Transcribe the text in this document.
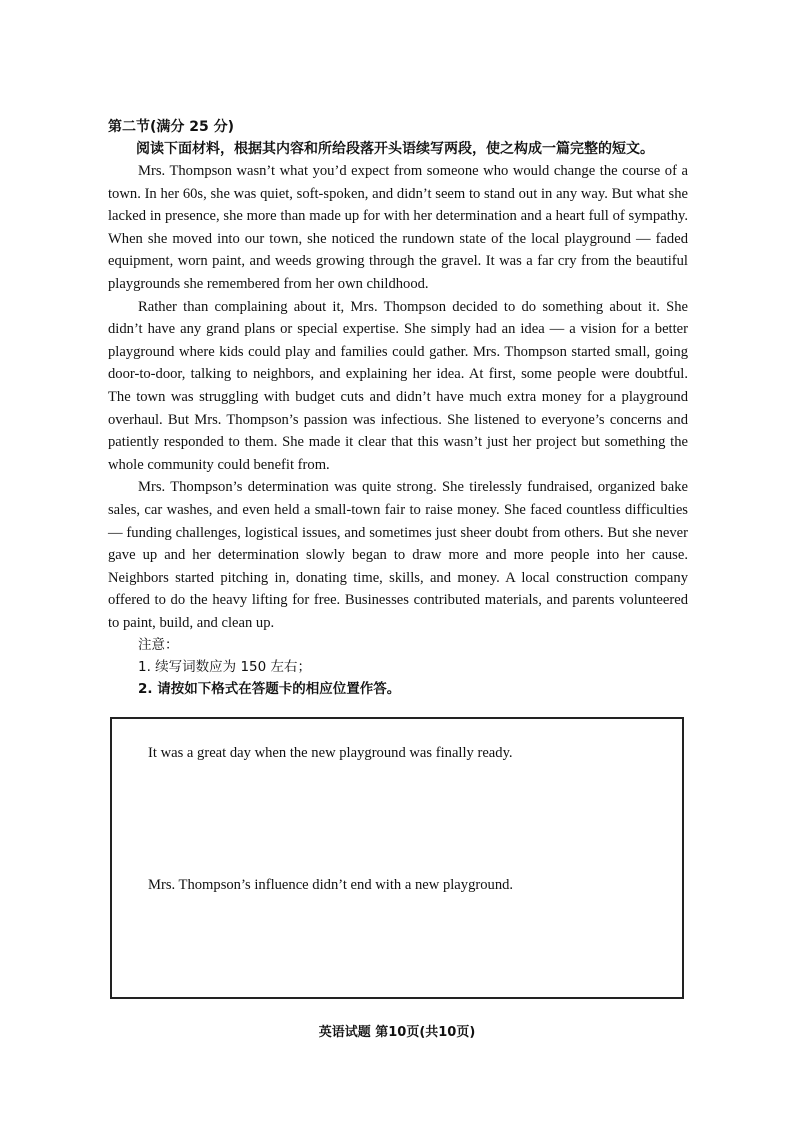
第二节(满分 25 分)

阅读下面材料，根据其内容和所给段落开头语续写两段，使之构成一篇完整的短文。

Mrs. Thompson wasn’t what you’d expect from someone who would change the course of a town. In her 60s, she was quiet, soft-spoken, and didn’t seem to stand out in any way. But what she lacked in presence, she more than made up for with her determination and a heart full of sympathy. When she moved into our town, she noticed the rundown state of the local playground — faded equipment, worn paint, and weeds growing through the gravel. It was a far cry from the beautiful playgrounds she remembered from her own childhood.

Rather than complaining about it, Mrs. Thompson decided to do something about it. She didn’t have any grand plans or special expertise. She simply had an idea — a vision for a better playground where kids could play and families could gather. Mrs. Thompson started small, going door-to-door, talking to neighbors, and explaining her idea. At first, some people were doubtful. The town was struggling with budget cuts and didn’t have much extra money for a playground overhaul. But Mrs. Thompson’s passion was infectious. She listened to everyone’s concerns and patiently responded to them. She made it clear that this wasn’t just her project but something the whole community could benefit from.

Mrs. Thompson’s determination was quite strong. She tirelessly fundraised, organized bake sales, car washes, and even held a small-town fair to raise money. She faced countless difficulties — funding challenges, logistical issues, and sometimes just sheer doubt from others. But she never gave up and her determination slowly began to draw more and more people into her cause. Neighbors started pitching in, donating time, skills, and money. A local construction company offered to do the heavy lifting for free. Businesses contributed materials, and parents volunteered to paint, build, and clean up.

注意：

1. 续写词数应为 150 左右；

2. 请按如下格式在答题卡的相应位置作答。

It was a great day when the new playground was finally ready.

Mrs. Thompson’s influence didn’t end with a new playground.

英语试题 第10页(共10页)
